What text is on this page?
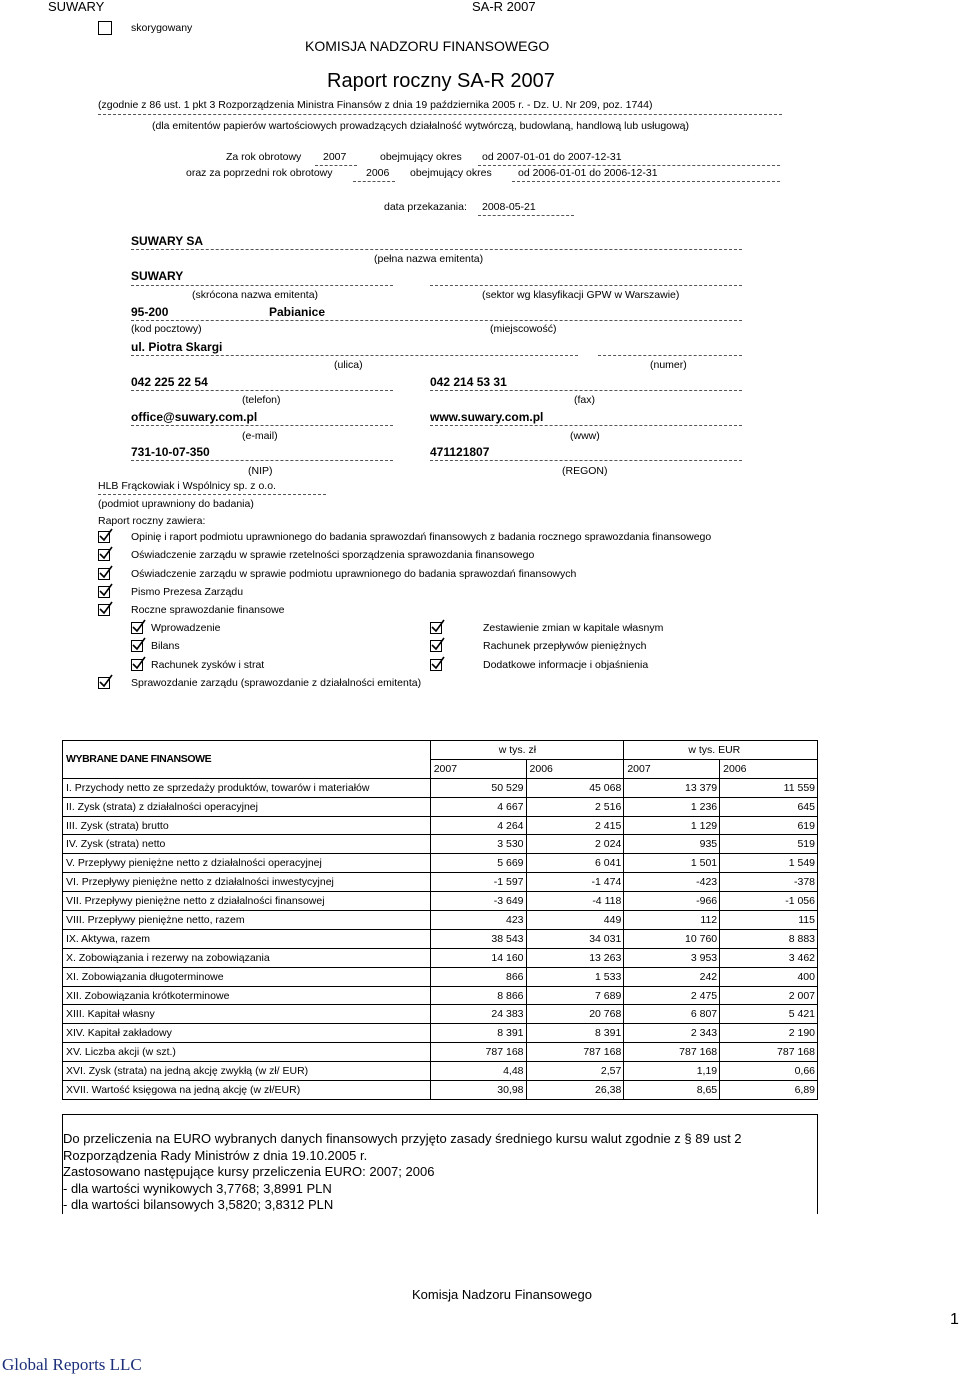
SUWARY	SA-R 2007
skorygowany
KOMISJA NADZORU FINANSOWEGO
Raport roczny SA-R 2007
(zgodnie z 86 ust. 1 pkt 3 Rozporządzenia Ministra Finansów z dnia 19 października 2005 r. - Dz. U. Nr 209, poz. 1744)
(dla emitentów papierów wartościowych prowadzących działalność wytwórczą, budowlaną, handlową lub usługową)
Za rok obrotowy 2007	obejmujący okres od 2007-01-01 do 2007-12-31
oraz za poprzedni rok obrotowy	2006 obejmujący okres	od 2006-01-01 do 2006-12-31
data przekazania: 2008-05-21
SUWARY SA
(pełna nazwa emitenta)
SUWARY
(skrócona nazwa emitenta)	(sektor wg klasyfikacji GPW w Warszawie)
95-200	Pabianice
(kod pocztowy)	(miejscowość)
ul. Piotra Skargi
(ulica)	(numer)
042 225 22 54	042 214 53 31
(telefon)	(fax)
office@suwary.com.pl	www.suwary.com.pl
(e-mail)	(www)
731-10-07-350	471121807
(NIP)	(REGON)
HLB Frąckowiak i Wspólnicy sp. z o.o.
(podmiot uprawniony do badania)
Raport roczny zawiera:
Opinię i raport podmiotu uprawnionego do badania sprawozdań finansowych z badania rocznego sprawozdania finansowego
Oświadczenie zarządu w sprawie rzetelności sporządzenia sprawozdania finansowego
Oświadczenie zarządu w sprawie podmiotu uprawnionego do badania sprawozdań finansowych
Pismo Prezesa Zarządu
Roczne sprawozdanie finansowe
Wprowadzenie	Zestawienie zmian w kapitale własnym
Bilans	Rachunek przepływów pieniężnych
Rachunek zysków i strat	Dodatkowe informacje i objaśnienia
Sprawozdanie zarządu (sprawozdanie z działalności emitenta)
WYBRANE DANE FINANSOWE	w tys. zł		w tys. EUR	
	2007	2006	2007	2006
I. Przychody netto ze sprzedaży produktów, towarów i materiałów	50 529	45 068	13 379	11 559
II. Zysk (strata) z działalności operacyjnej	4 667	2 516	1 236	645
III. Zysk (strata) brutto	4 264	2 415	1 129	619
IV. Zysk (strata) netto	3 530	2 024	935	519
V. Przepływy pieniężne netto z działalności operacyjnej	5 669	6 041	1 501	1 549
VI. Przepływy pieniężne netto z działalności inwestycyjnej	-1 597	-1 474	-423	-378
VII. Przepływy pieniężne netto z działalności finansowej	-3 649	-4 118	-966	-1 056
VIII. Przepływy pieniężne netto, razem	423	449	112	115
IX. Aktywa, razem	38 543	34 031	10 760	8 883
X. Zobowiązania i rezerwy na zobowiązania	14 160	13 263	3 953	3 462
XI. Zobowiązania długoterminowe	866	1 533	242	400
XII. Zobowiązania krótkoterminowe	8 866	7 689	2 475	2 007
XIII. Kapitał własny	24 383	20 768	6 807	5 421
XIV. Kapitał zakładowy	8 391	8 391	2 343	2 190
XV. Liczba akcji (w szt.)	787 168	787 168	787 168	787 168
XVI. Zysk (strata) na jedną akcję zwykłą (w zł/ EUR)	4,48	2,57	1,19	0,66
XVII. Wartość księgowa na jedną akcję (w zł/EUR)	30,98	26,38	8,65	6,89
Do przeliczenia na EURO wybranych danych finansowych przyjęto zasady średniego kursu walut zgodnie z § 89 ust 2
Rozporządzenia Rady Ministrów z dnia 19.10.2005 r.
Zastosowano następujące kursy przeliczenia EURO: 2007; 2006
- dla wartości wynikowych 3,7768; 3,8991 PLN
- dla wartości bilansowych 3,5820; 3,8312 PLN
Komisja Nadzoru Finansowego
1
Global Reports LLC
